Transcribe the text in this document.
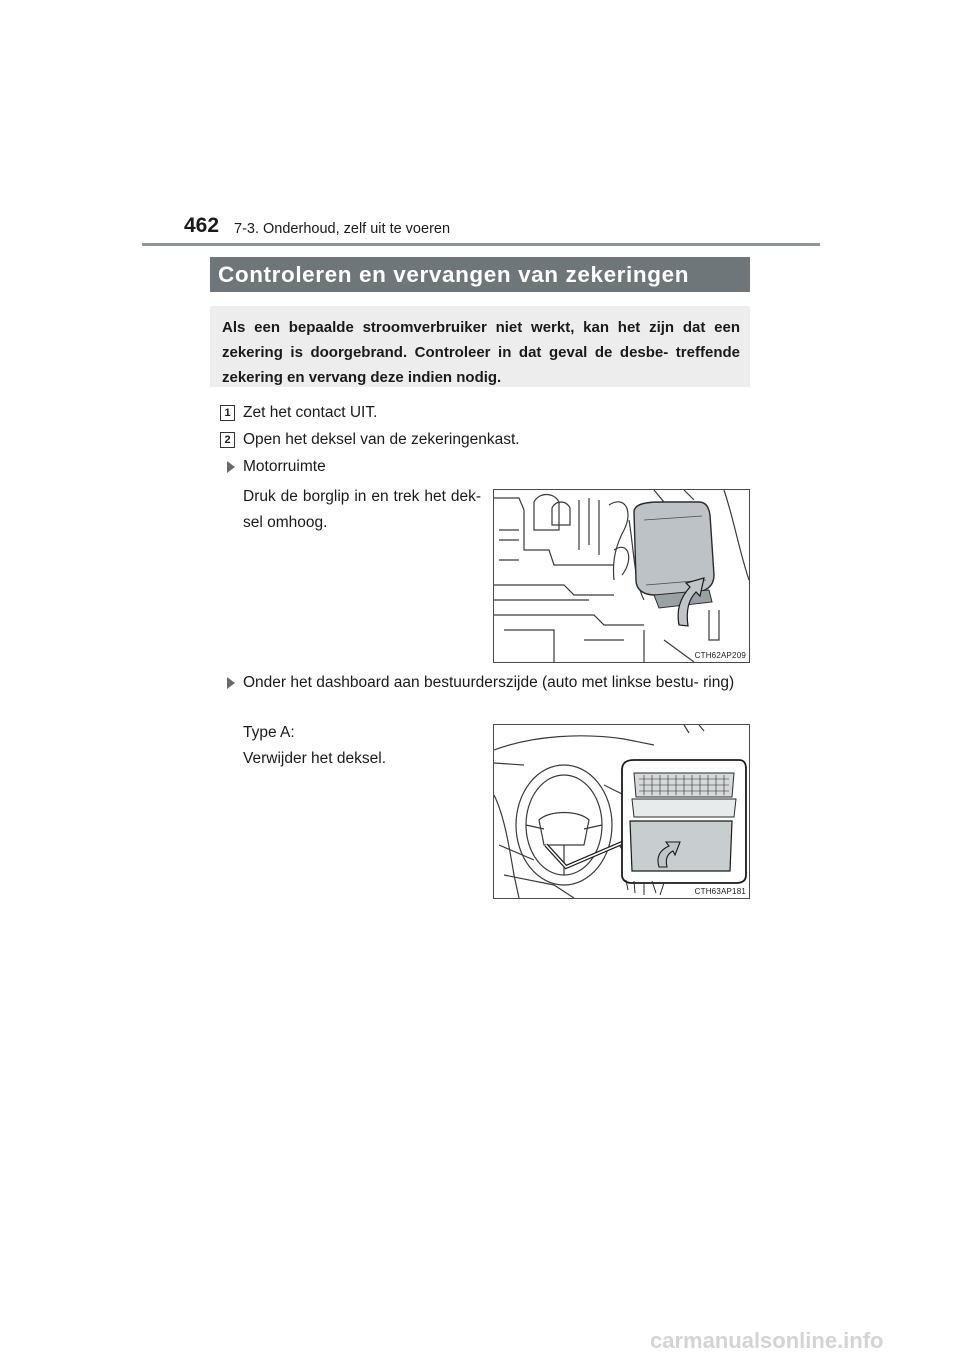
462 7-3. Onderhoud, zelf uit te voeren
Controleren en vervangen van zekeringen
Als een bepaalde stroomverbruiker niet werkt, kan het zijn dat een zekering is doorgebrand. Controleer in dat geval de desbe- treffende zekering en vervang deze indien nodig.
1 Zet het contact UIT.
2 Open het deksel van de zekeringenkast.
Motorruimte
Druk de borglip in en trek het dek- sel omhoog.
CTH62AP209
Onder het dashboard aan bestuurderszijde (auto met linkse bestu- ring)
Type A:
Verwijder het deksel.
CTH63AP181
carmanualsonline.info
